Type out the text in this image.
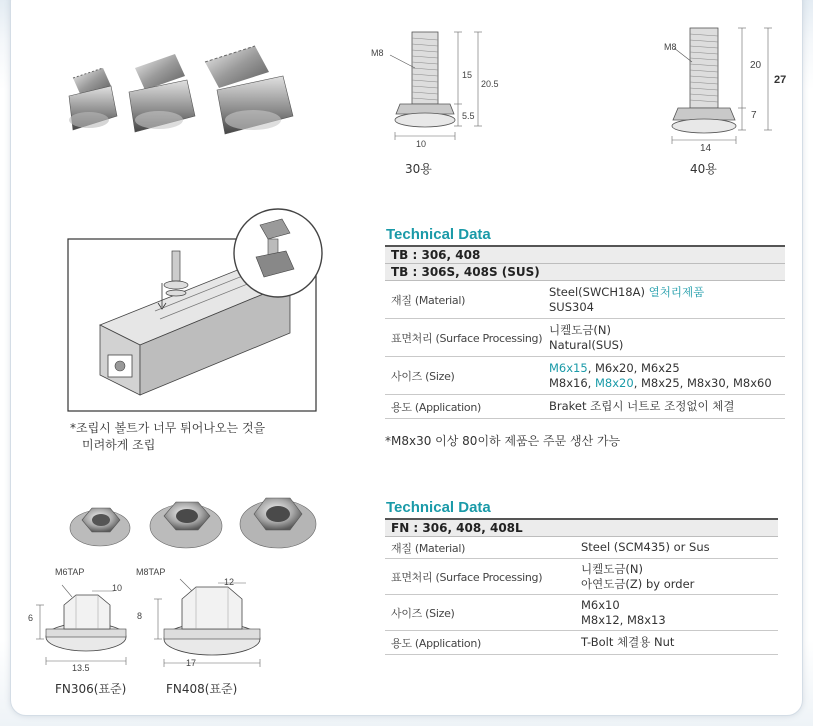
M8
15
20.5
5.5
10
30용
M8
20
27
7
14
40용
*조립시 볼트가 너무 튀어나오는 것을
미려하게 조립
Technical Data
TB : 306, 408	
TB : 306S, 408S (SUS)	
재질 (Material)	Steel(SWCH18A) 열처리제품
SUS304

표면처리 (Surface Processing)	니켈도금(N)
Natural(SUS)

사이즈 (Size)	M6x15, M6x20, M6x25
M8x16, M8x20, M8x25, M8x30, M8x60

용도 (Application)	Braket 조립시 너트로 조정없이 체결
*M8x30 이상 80이하 제품은 주문 생산 가능
M6TAP
10
6
13.5
FN306(표준)
M8TAP
12
8
17
FN408(표준)
Technical Data
FN : 306, 408, 408L	
재질 (Material)	Steel (SCM435) or Sus
표면처리 (Surface Processing)	니켈도금(N)
아연도금(Z) by order

사이즈 (Size)	M6x10
M8x12, M8x13

용도 (Application)	T-Bolt 체결용 Nut
